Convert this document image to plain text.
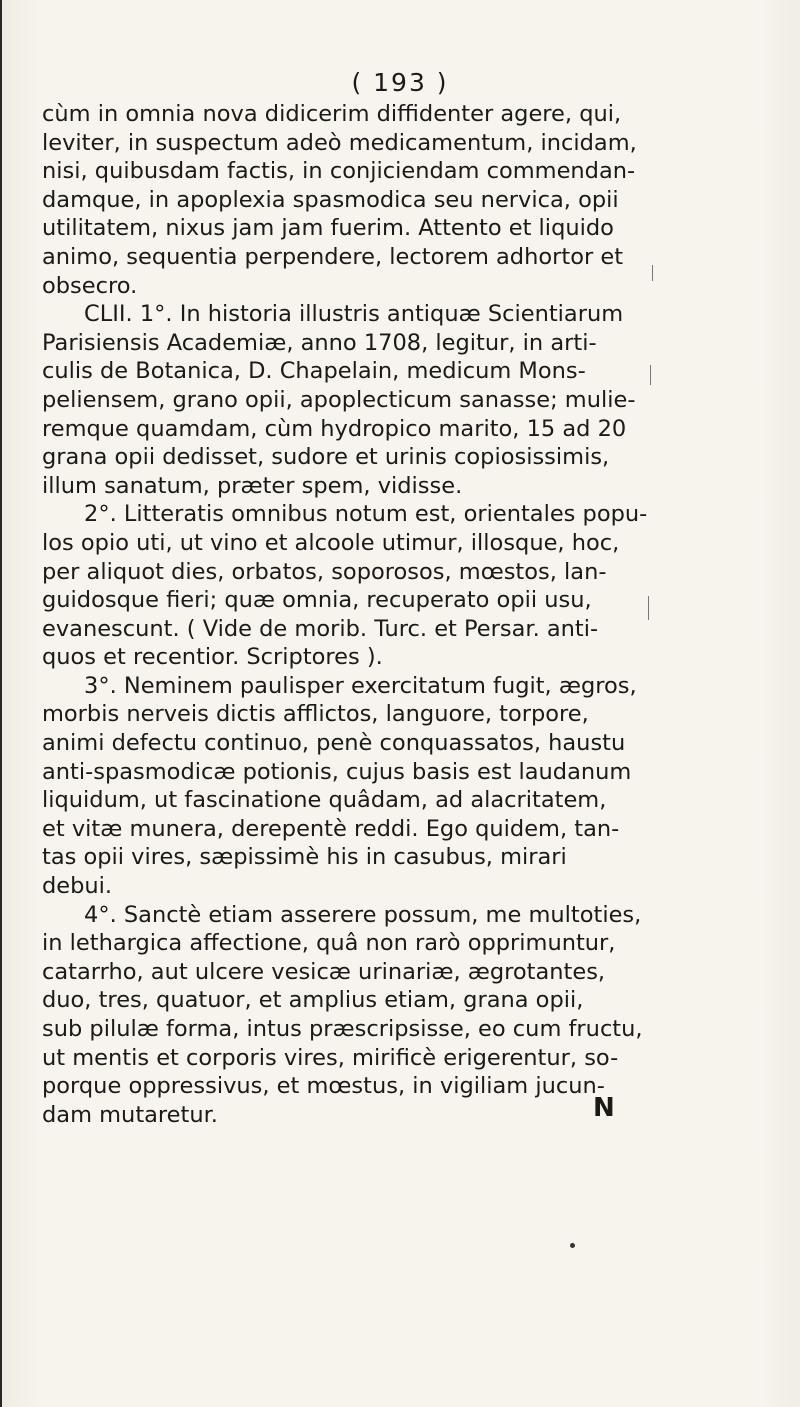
( 193 )
cùm in omnia nova didicerim diffidenter agere, qui,
leviter, in suspectum adeò medicamentum, incidam,
nisi, quibusdam factis, in conjiciendam commendan-
damque, in apoplexia spasmodica seu nervica, opii
utilitatem, nixus jam jam fuerim. Attento et liquido
animo, sequentia perpendere, lectorem adhortor et
obsecro.
CLII. 1°. In historia illustris antiquæ Scientiarum
Parisiensis Academiæ, anno 1708, legitur, in arti-
culis de Botanica, D. Chapelain, medicum Mons-
peliensem, grano opii, apoplecticum sanasse; mulie-
remque quamdam, cùm hydropico marito, 15 ad 20
grana opii dedisset, sudore et urinis copiosissimis,
illum sanatum, præter spem, vidisse.
2°. Litteratis omnibus notum est, orientales popu-
los opio uti, ut vino et alcoole utimur, illosque, hoc,
per aliquot dies, orbatos, soporosos, mœstos, lan-
guidosque fieri; quæ omnia, recuperato opii usu,
evanescunt. ( Vide de morib. Turc. et Persar. anti-
quos et recentior. Scriptores ).
3°. Neminem paulisper exercitatum fugit, ægros,
morbis nerveis dictis afflictos, languore, torpore,
animi defectu continuo, penè conquassatos, haustu
anti-spasmodicæ potionis, cujus basis est laudanum
liquidum, ut fascinatione quâdam, ad alacritatem,
et vitæ munera, derepentè reddi. Ego quidem, tan-
tas opii vires, sæpissimè his in casubus, mirari
debui.
4°. Sanctè etiam asserere possum, me multoties,
in lethargica affectione, quâ non rarò opprimuntur,
catarrho, aut ulcere vesicæ urinariæ, ægrotantes,
duo, tres, quatuor, et amplius etiam, grana opii,
sub pilulæ forma, intus præscripsisse, eo cum fructu,
ut mentis et corporis vires, mirificè erigerentur, so-
porque oppressivus, et mœstus, in vigiliam jucun-
dam mutaretur.	N
